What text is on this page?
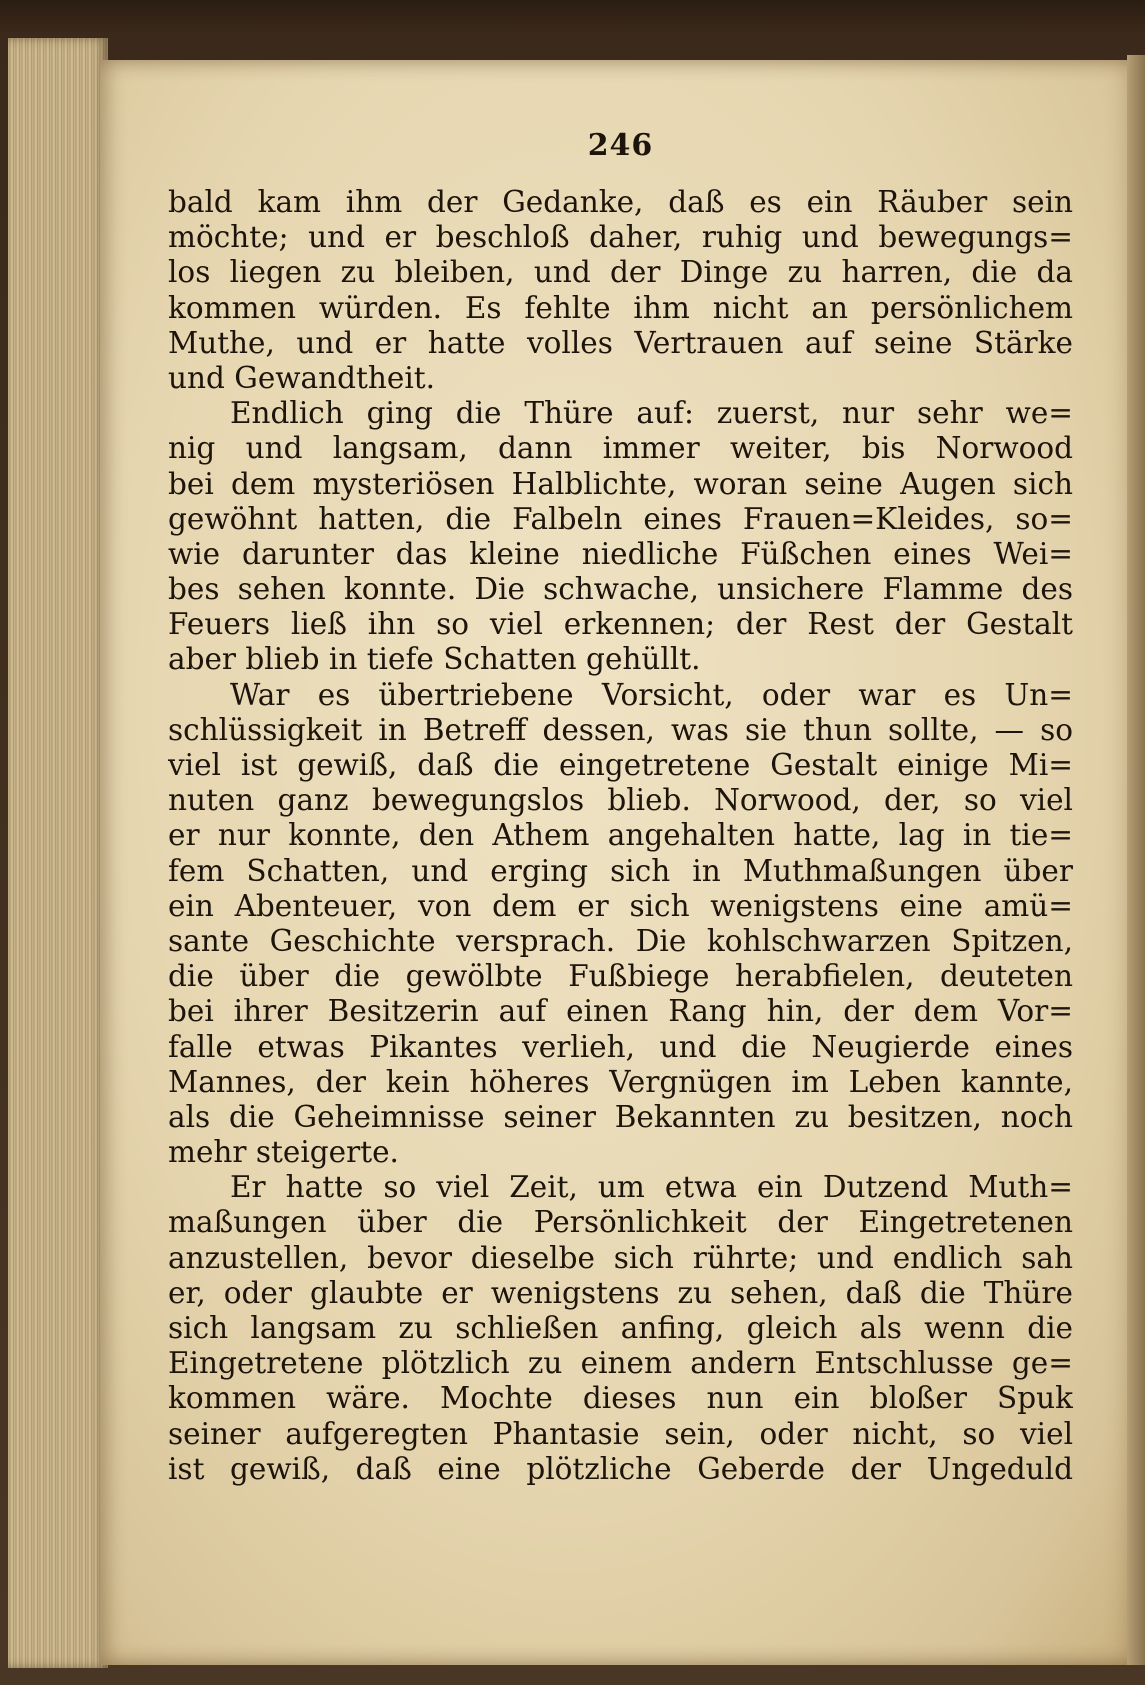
246
bald kam ihm der Gedanke, daß es ein Räuber sein
möchte; und er beschloß daher, ruhig und bewegungs=
los liegen zu bleiben, und der Dinge zu harren, die da
kommen würden. Es fehlte ihm nicht an persönlichem
Muthe, und er hatte volles Vertrauen auf seine Stärke
und Gewandtheit.
Endlich ging die Thüre auf: zuerst, nur sehr we=
nig und langsam, dann immer weiter, bis Norwood
bei dem mysteriösen Halblichte, woran seine Augen sich
gewöhnt hatten, die Falbeln eines Frauen=Kleides, so=
wie darunter das kleine niedliche Füßchen eines Wei=
bes sehen konnte. Die schwache, unsichere Flamme des
Feuers ließ ihn so viel erkennen; der Rest der Gestalt
aber blieb in tiefe Schatten gehüllt.
War es übertriebene Vorsicht, oder war es Un=
schlüssigkeit in Betreff dessen, was sie thun sollte, — so
viel ist gewiß, daß die eingetretene Gestalt einige Mi=
nuten ganz bewegungslos blieb. Norwood, der, so viel
er nur konnte, den Athem angehalten hatte, lag in tie=
fem Schatten, und erging sich in Muthmaßungen über
ein Abenteuer, von dem er sich wenigstens eine amü=
sante Geschichte versprach. Die kohlschwarzen Spitzen,
die über die gewölbte Fußbiege herabfielen, deuteten
bei ihrer Besitzerin auf einen Rang hin, der dem Vor=
falle etwas Pikantes verlieh, und die Neugierde eines
Mannes, der kein höheres Vergnügen im Leben kannte,
als die Geheimnisse seiner Bekannten zu besitzen, noch
mehr steigerte.
Er hatte so viel Zeit, um etwa ein Dutzend Muth=
maßungen über die Persönlichkeit der Eingetretenen
anzustellen, bevor dieselbe sich rührte; und endlich sah
er, oder glaubte er wenigstens zu sehen, daß die Thüre
sich langsam zu schließen anfing, gleich als wenn die
Eingetretene plötzlich zu einem andern Entschlusse ge=
kommen wäre. Mochte dieses nun ein bloßer Spuk
seiner aufgeregten Phantasie sein, oder nicht, so viel
ist gewiß, daß eine plötzliche Geberde der Ungeduld
